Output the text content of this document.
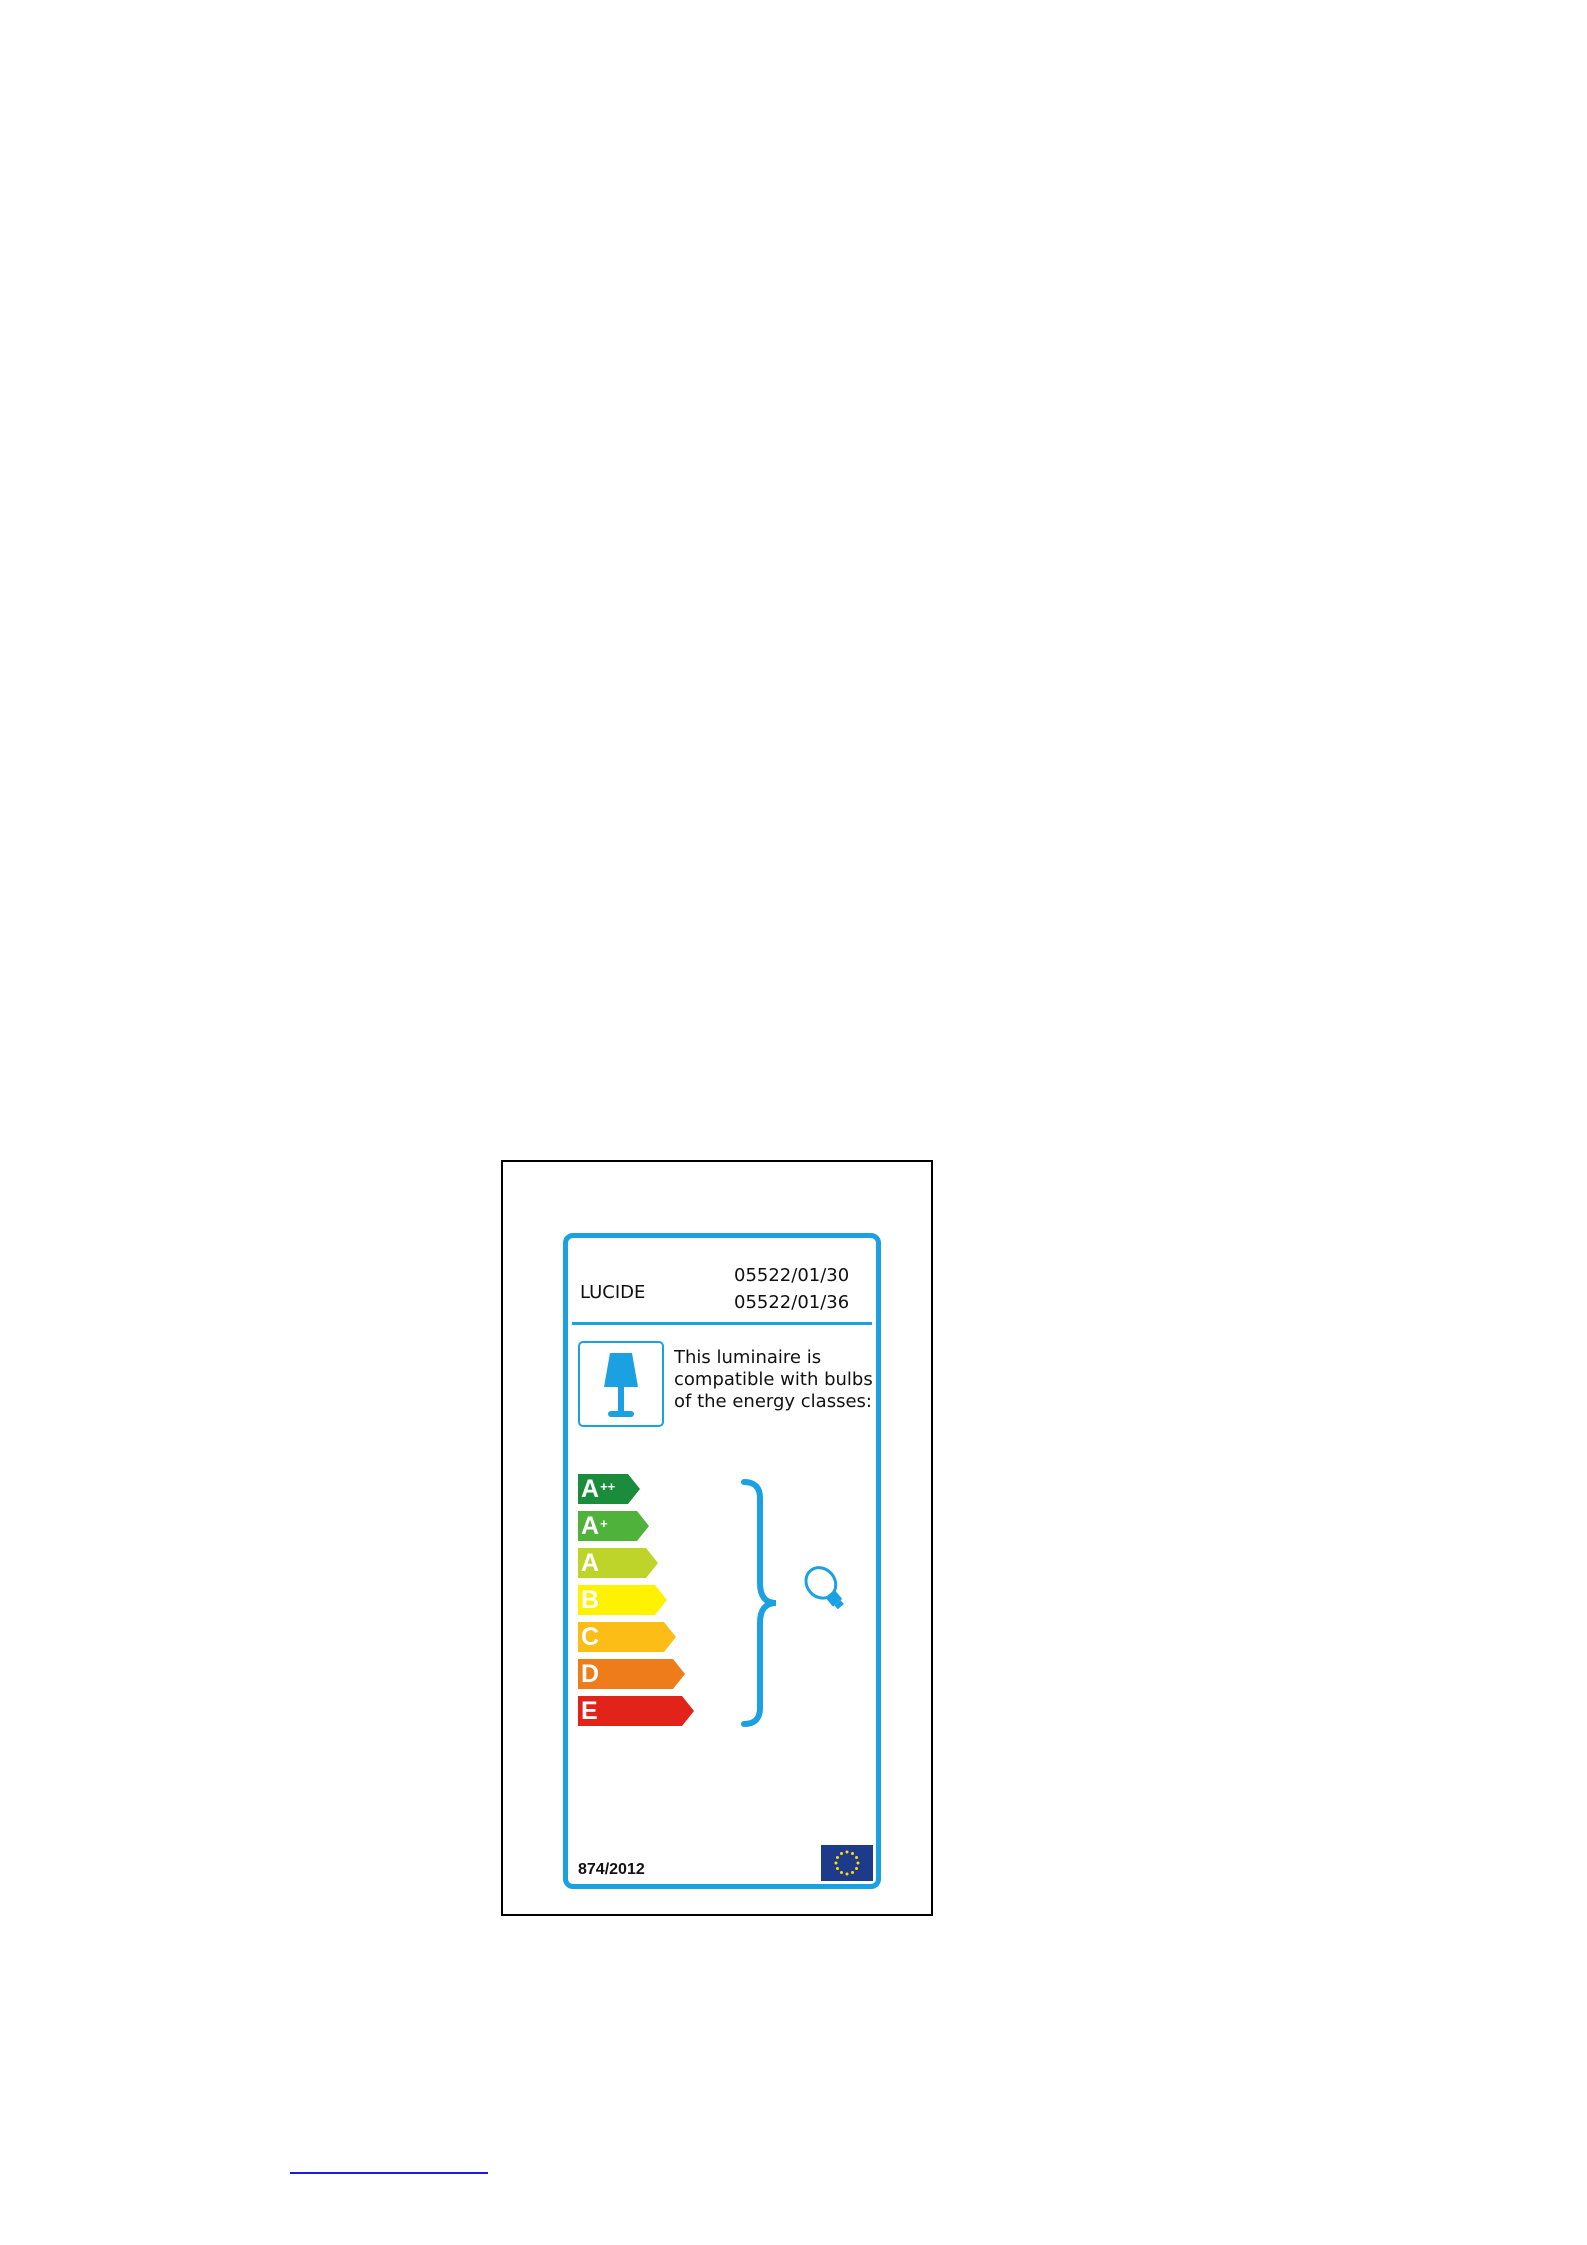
LUCIDE
05522/01/30
05522/01/36
This luminaire is compatible with bulbs of the energy classes:
A++
A+
A
B
C
D
E
874/2012
